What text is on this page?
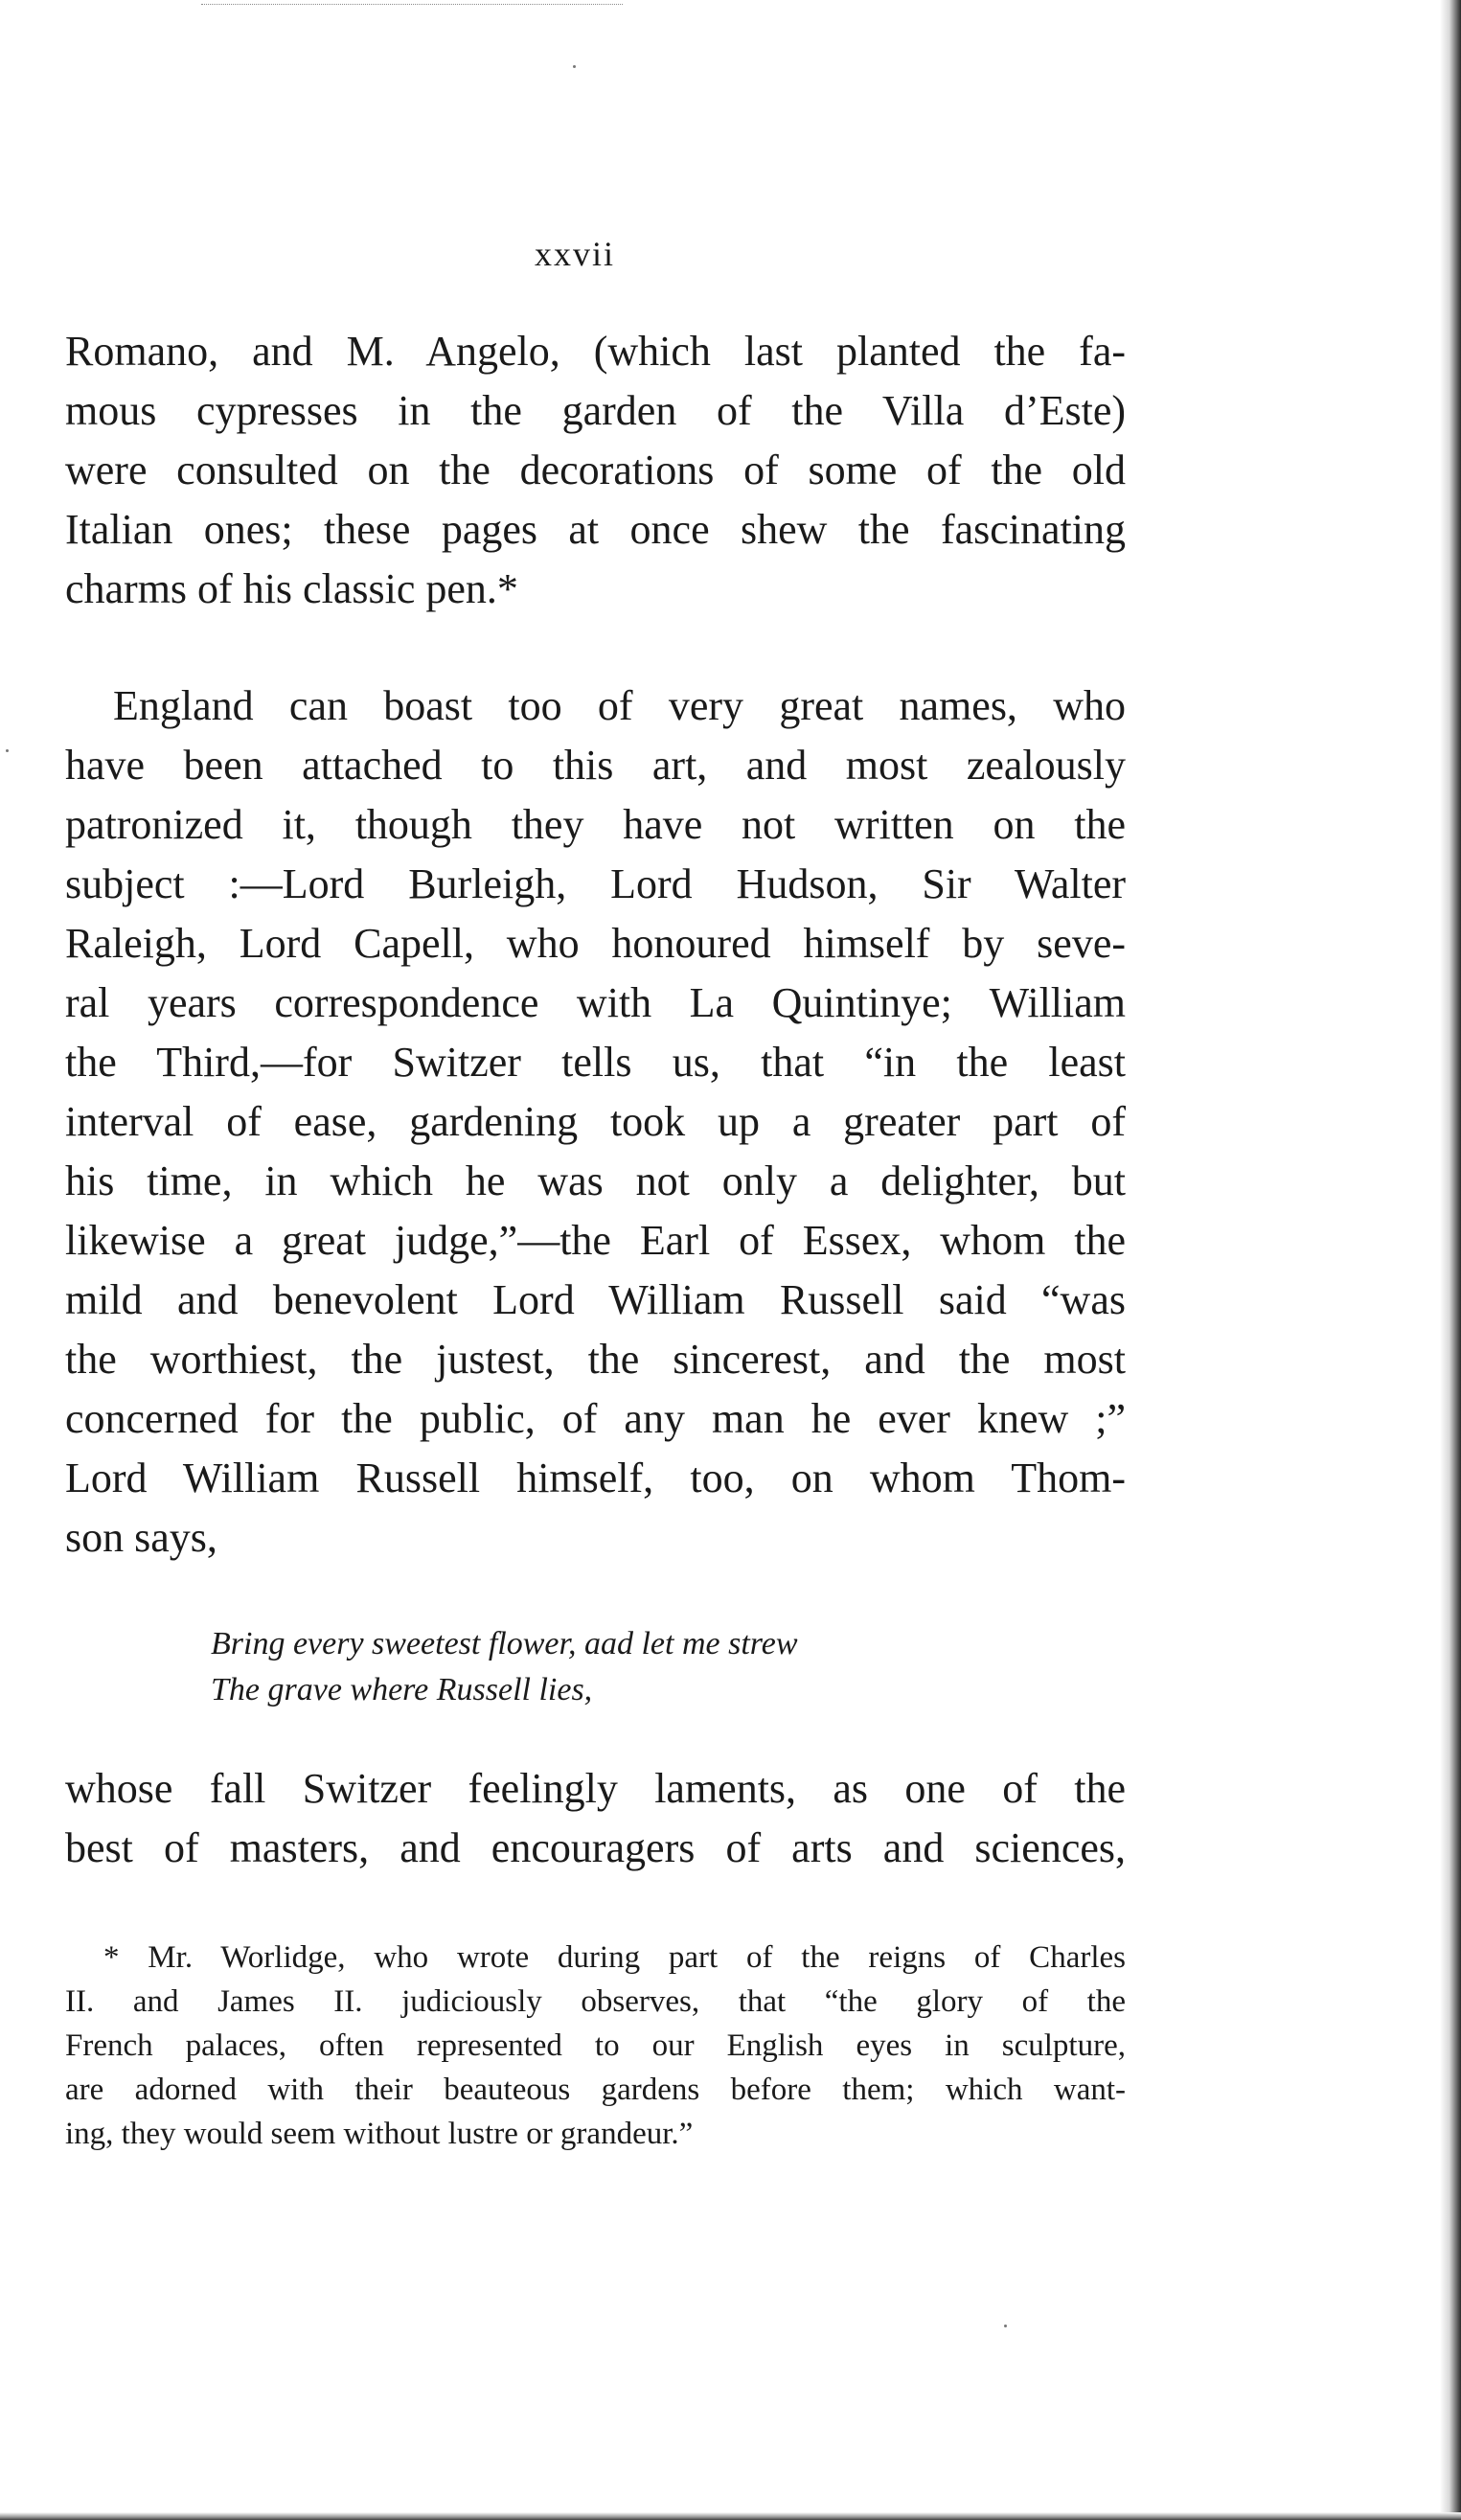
xxvii

Romano, and M. Angelo, (which last planted the fa-
mous cypresses in the garden of the Villa d’Este)
were consulted on the decorations of some of the old
Italian ones; these pages at once shew the fascinating
charms of his classic pen.*

England can boast too of very great names, who
have been attached to this art, and most zealously
patronized it, though they have not written on the
subject :—Lord Burleigh, Lord Hudson, Sir Walter
Raleigh, Lord Capell, who honoured himself by seve-
ral years correspondence with La Quintinye; William
the Third,—for Switzer tells us, that “in the least
interval of ease, gardening took up a greater part of
his time, in which he was not only a delighter, but
likewise a great judge,”—the Earl of Essex, whom the
mild and benevolent Lord William Russell said “was
the worthiest, the justest, the sincerest, and the most
concerned for the public, of any man he ever knew ;”
Lord William Russell himself, too, on whom Thom-
son says,

Bring every sweetest flower, aad let me strew
The grave where Russell lies,

whose fall Switzer feelingly laments, as one of the
best of masters, and encouragers of arts and sciences,

* Mr. Worlidge, who wrote during part of the reigns of Charles
II. and James II. judiciously observes, that “the glory of the
French palaces, often represented to our English eyes in sculpture,
are adorned with their beauteous gardens before them; which want-
ing, they would seem without lustre or grandeur.”
